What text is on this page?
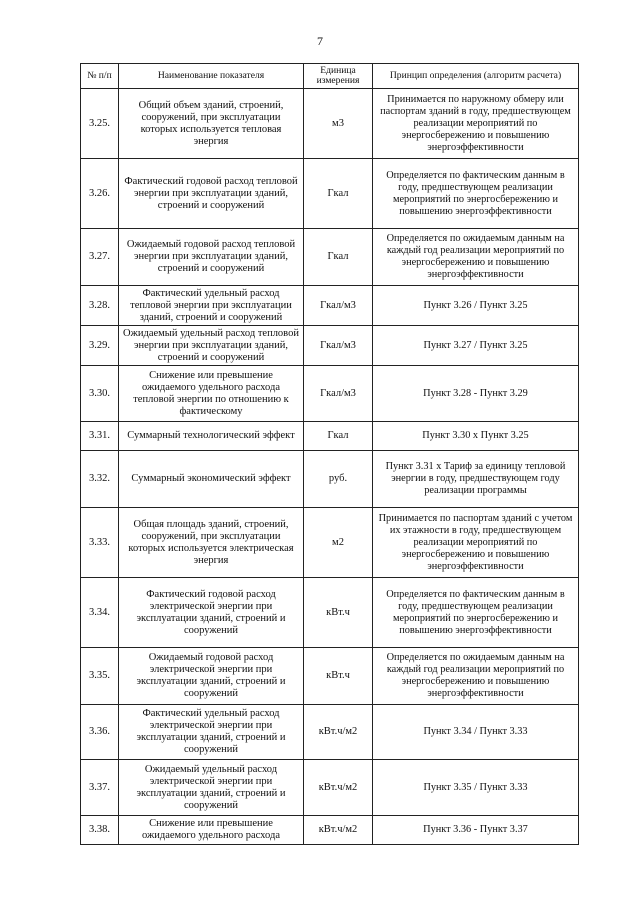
7
№ п/п	Наименование показателя	Единица измерения	Принцип определения (алгоритм расчета)
3.25.	Общий объем зданий, строений, сооружений, при эксплуатации которых используется тепловая энергия	м3	Принимается по наружному обмеру или паспортам зданий в году, предшествующем реализации мероприятий по энергосбережению и повышению энергоэффективности
3.26.	Фактический годовой расход тепловой энергии при эксплуатации зданий, строений и сооружений	Гкал	Определяется по фактическим данным в году, предшествующем реализации мероприятий по энергосбережению и повышению энергоэффективности
3.27.	Ожидаемый годовой расход тепловой энергии при эксплуатации зданий, строений и сооружений	Гкал	Определяется по ожидаемым данным на каждый год реализации мероприятий по энергосбережению и повышению энергоэффективности
3.28.	Фактический удельный расход тепловой энергии при эксплуатации зданий, строений и сооружений	Гкал/м3	Пункт 3.26 / Пункт 3.25
3.29.	Ожидаемый удельный расход тепловой энергии при эксплуатации зданий, строений и сооружений	Гкал/м3	Пункт 3.27 / Пункт 3.25
3.30.	Снижение или превышение ожидаемого удельного расхода тепловой энергии по отношению к фактическому	Гкал/м3	Пункт 3.28 - Пункт 3.29
3.31.	Суммарный технологический эффект	Гкал	Пункт 3.30 х Пункт 3.25
3.32.	Суммарный экономический эффект	руб.	Пункт 3.31 х Тариф за единицу тепловой энергии в году, предшествующем году реализации программы
3.33.	Общая площадь зданий, строений, сооружений, при эксплуатации которых используется электрическая энергия	м2	Принимается по паспортам зданий с учетом их этажности в году, предшествующем реализации мероприятий по энергосбережению и повышению энергоэффективности
3.34.	Фактический годовой расход электрической энергии при эксплуатации зданий, строений и сооружений	кВт.ч	Определяется по фактическим данным в году, предшествующем реализации мероприятий по энергосбережению и повышению энергоэффективности
3.35.	Ожидаемый годовой расход электрической энергии при эксплуатации зданий, строений и сооружений	кВт.ч	Определяется по ожидаемым данным на каждый год реализации мероприятий по энергосбережению и повышению энергоэффективности
3.36.	Фактический удельный расход электрической энергии при эксплуатации зданий, строений и сооружений	кВт.ч/м2	Пункт 3.34 / Пункт 3.33
3.37.	Ожидаемый удельный расход электрической энергии при эксплуатации зданий, строений и сооружений	кВт.ч/м2	Пункт 3.35 / Пункт 3.33
3.38.	Снижение или превышение ожидаемого удельного расхода	кВт.ч/м2	Пункт 3.36 - Пункт 3.37
